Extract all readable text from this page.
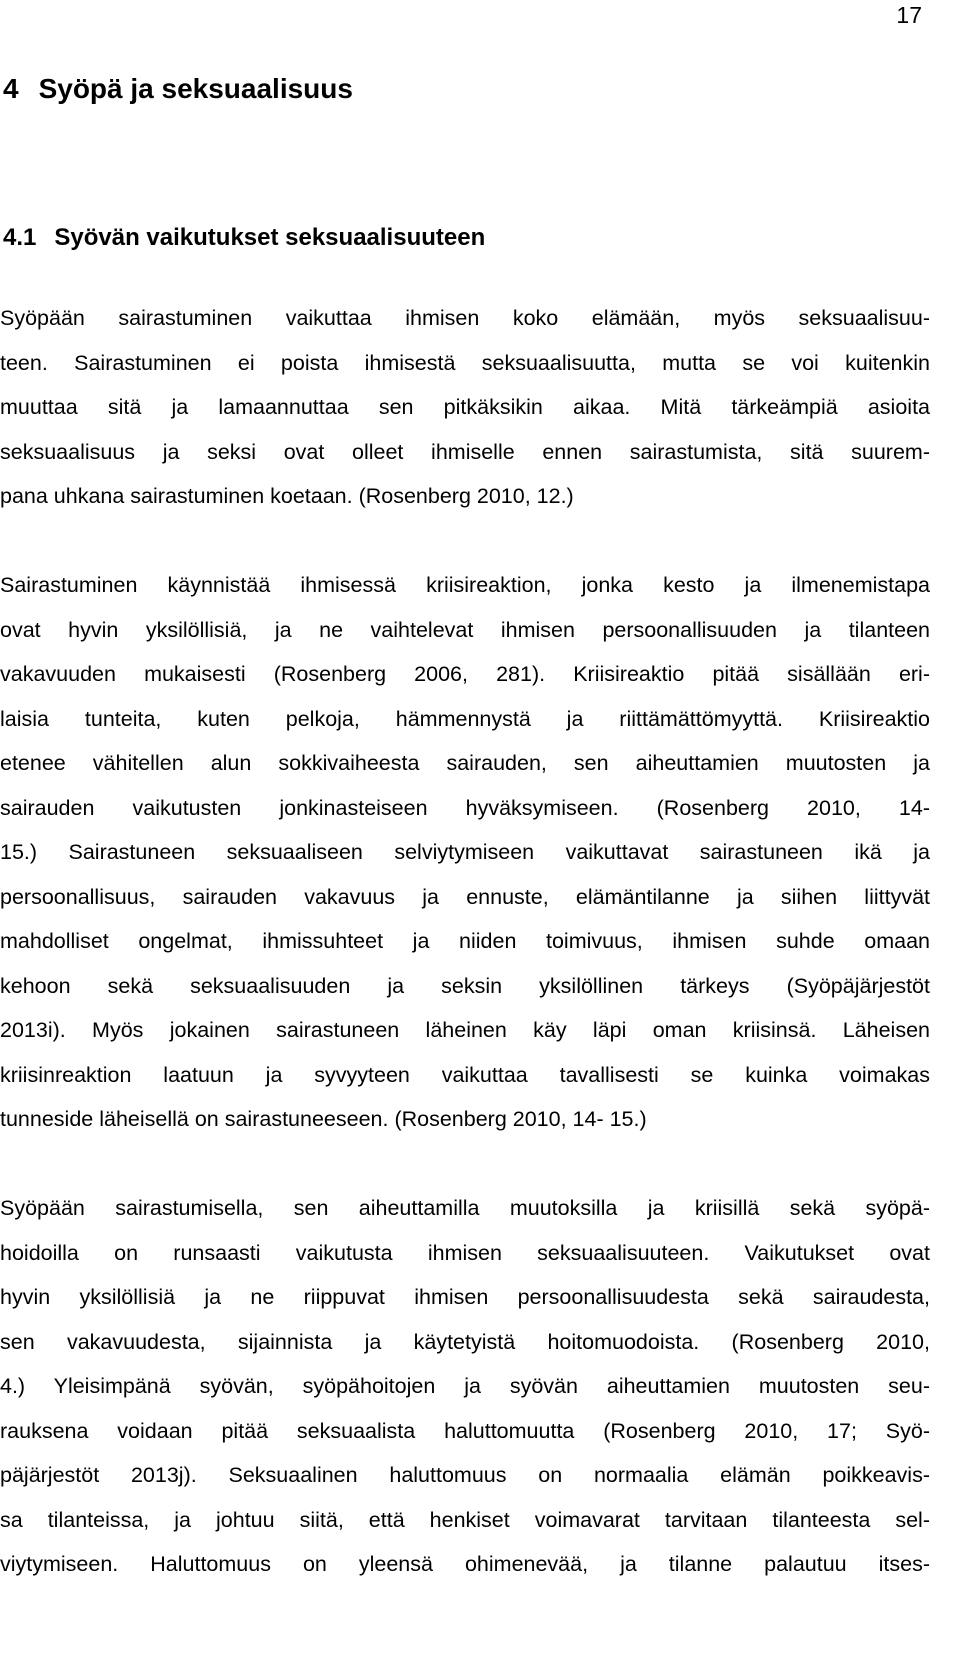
17
4 Syöpä ja seksuaalisuus
4.1 Syövän vaikutukset seksuaalisuuteen
Syöpään sairastuminen vaikuttaa ihmisen koko elämään, myös seksuaalisuu-
teen. Sairastuminen ei poista ihmisestä seksuaalisuutta, mutta se voi kuitenkin
muuttaa sitä ja lamaannuttaa sen pitkäksikin aikaa. Mitä tärkeämpiä asioita
seksuaalisuus ja seksi ovat olleet ihmiselle ennen sairastumista, sitä suurem-
pana uhkana sairastuminen koetaan. (Rosenberg 2010, 12.)
Sairastuminen käynnistää ihmisessä kriisireaktion, jonka kesto ja ilmenemistapa
ovat hyvin yksilöllisiä, ja ne vaihtelevat ihmisen persoonallisuuden ja tilanteen
vakavuuden mukaisesti (Rosenberg 2006, 281). Kriisireaktio pitää sisällään eri-
laisia tunteita, kuten pelkoja, hämmennystä ja riittämättömyyttä. Kriisireaktio
etenee vähitellen alun sokkivaiheesta sairauden, sen aiheuttamien muutosten ja
sairauden vaikutusten jonkinasteiseen hyväksymiseen. (Rosenberg 2010, 14-
15.) Sairastuneen seksuaaliseen selviytymiseen vaikuttavat sairastuneen ikä ja
persoonallisuus, sairauden vakavuus ja ennuste, elämäntilanne ja siihen liittyvät
mahdolliset ongelmat, ihmissuhteet ja niiden toimivuus, ihmisen suhde omaan
kehoon sekä seksuaalisuuden ja seksin yksilöllinen tärkeys (Syöpäjärjestöt
2013i). Myös jokainen sairastuneen läheinen käy läpi oman kriisinsä. Läheisen
kriisinreaktion laatuun ja syvyyteen vaikuttaa tavallisesti se kuinka voimakas
tunneside läheisellä on sairastuneeseen. (Rosenberg 2010, 14- 15.)
Syöpään sairastumisella, sen aiheuttamilla muutoksilla ja kriisillä sekä syöpä-
hoidoilla on runsaasti vaikutusta ihmisen seksuaalisuuteen. Vaikutukset ovat
hyvin yksilöllisiä ja ne riippuvat ihmisen persoonallisuudesta sekä sairaudesta,
sen vakavuudesta, sijainnista ja käytetyistä hoitomuodoista. (Rosenberg 2010,
4.) Yleisimpänä syövän, syöpähoitojen ja syövän aiheuttamien muutosten seu-
rauksena voidaan pitää seksuaalista haluttomuutta (Rosenberg 2010, 17; Syö-
päjärjestöt 2013j). Seksuaalinen haluttomuus on normaalia elämän poikkeavis-
sa tilanteissa, ja johtuu siitä, että henkiset voimavarat tarvitaan tilanteesta sel-
viytymiseen. Haluttomuus on yleensä ohimenevää, ja tilanne palautuu itses-
